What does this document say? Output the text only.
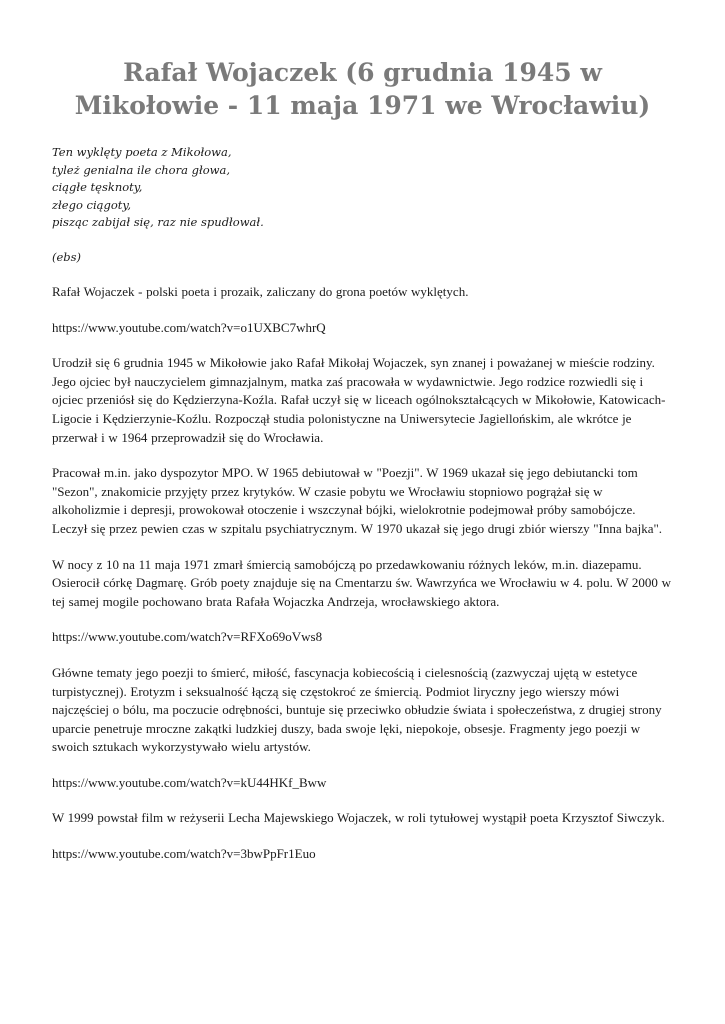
Rafał Wojaczek (6 grudnia 1945 w Mikołowie - 11 maja 1971 we Wrocławiu)
Ten wyklęty poeta z Mikołowa,
tyleż genialna ile chora głowa,
ciągłe tęsknoty,
złego ciągoty,
pisząc zabijał się, raz nie spudłował.

(ebs)

Rafał Wojaczek - polski poeta i prozaik, zaliczany do grona poetów wyklętych.

https://www.youtube.com/watch?v=o1UXBC7whrQ

Urodził się 6 grudnia 1945 w Mikołowie jako Rafał Mikołaj Wojaczek, syn znanej i poważanej w mieście rodziny. Jego ojciec był nauczycielem gimnazjalnym, matka zaś pracowała w wydawnictwie. Jego rodzice rozwiedli się i ojciec przeniósł się do Kędzierzyna-Koźla. Rafał uczył się w liceach ogólnokształcących w Mikołowie, Katowicach-Ligocie i Kędzierzynie-Koźlu. Rozpoczął studia polonistyczne na Uniwersytecie Jagiellońskim, ale wkrótce je przerwał i w 1964 przeprowadził się do Wrocławia.

Pracował m.in. jako dyspozytor MPO. W 1965 debiutował w "Poezji". W 1969 ukazał się jego debiutancki tom "Sezon", znakomicie przyjęty przez krytyków. W czasie pobytu we Wrocławiu stopniowo pogrążał się w alkoholizmie i depresji, prowokował otoczenie i wszczynał bójki, wielokrotnie podejmował próby samobójcze. Leczył się przez pewien czas w szpitalu psychiatrycznym. W 1970 ukazał się jego drugi zbiór wierszy "Inna bajka".

W nocy z 10 na 11 maja 1971 zmarł śmiercią samobójczą po przedawkowaniu różnych leków, m.in. diazepamu. Osierocił córkę Dagmarę. Grób poety znajduje się na Cmentarzu św. Wawrzyńca we Wrocławiu w 4. polu. W 2000 w tej samej mogile pochowano brata Rafała Wojaczka Andrzeja, wrocławskiego aktora.

https://www.youtube.com/watch?v=RFXo69oVws8

Główne tematy jego poezji to śmierć, miłość, fascynacja kobiecością i cielesnością (zazwyczaj ujętą w estetyce turpistycznej). Erotyzm i seksualność łączą się częstokroć ze śmiercią. Podmiot liryczny jego wierszy mówi najczęściej o bólu, ma poczucie odrębności, buntuje się przeciwko obłudzie świata i społeczeństwa, z drugiej strony uparcie penetruje mroczne zakątki ludzkiej duszy, bada swoje lęki, niepokoje, obsesje. Fragmenty jego poezji w swoich sztukach wykorzystywało wielu artystów.

https://www.youtube.com/watch?v=kU44HKf_Bww

W 1999 powstał film w reżyserii Lecha Majewskiego Wojaczek, w roli tytułowej wystąpił poeta Krzysztof Siwczyk.

https://www.youtube.com/watch?v=3bwPpFr1Euo
